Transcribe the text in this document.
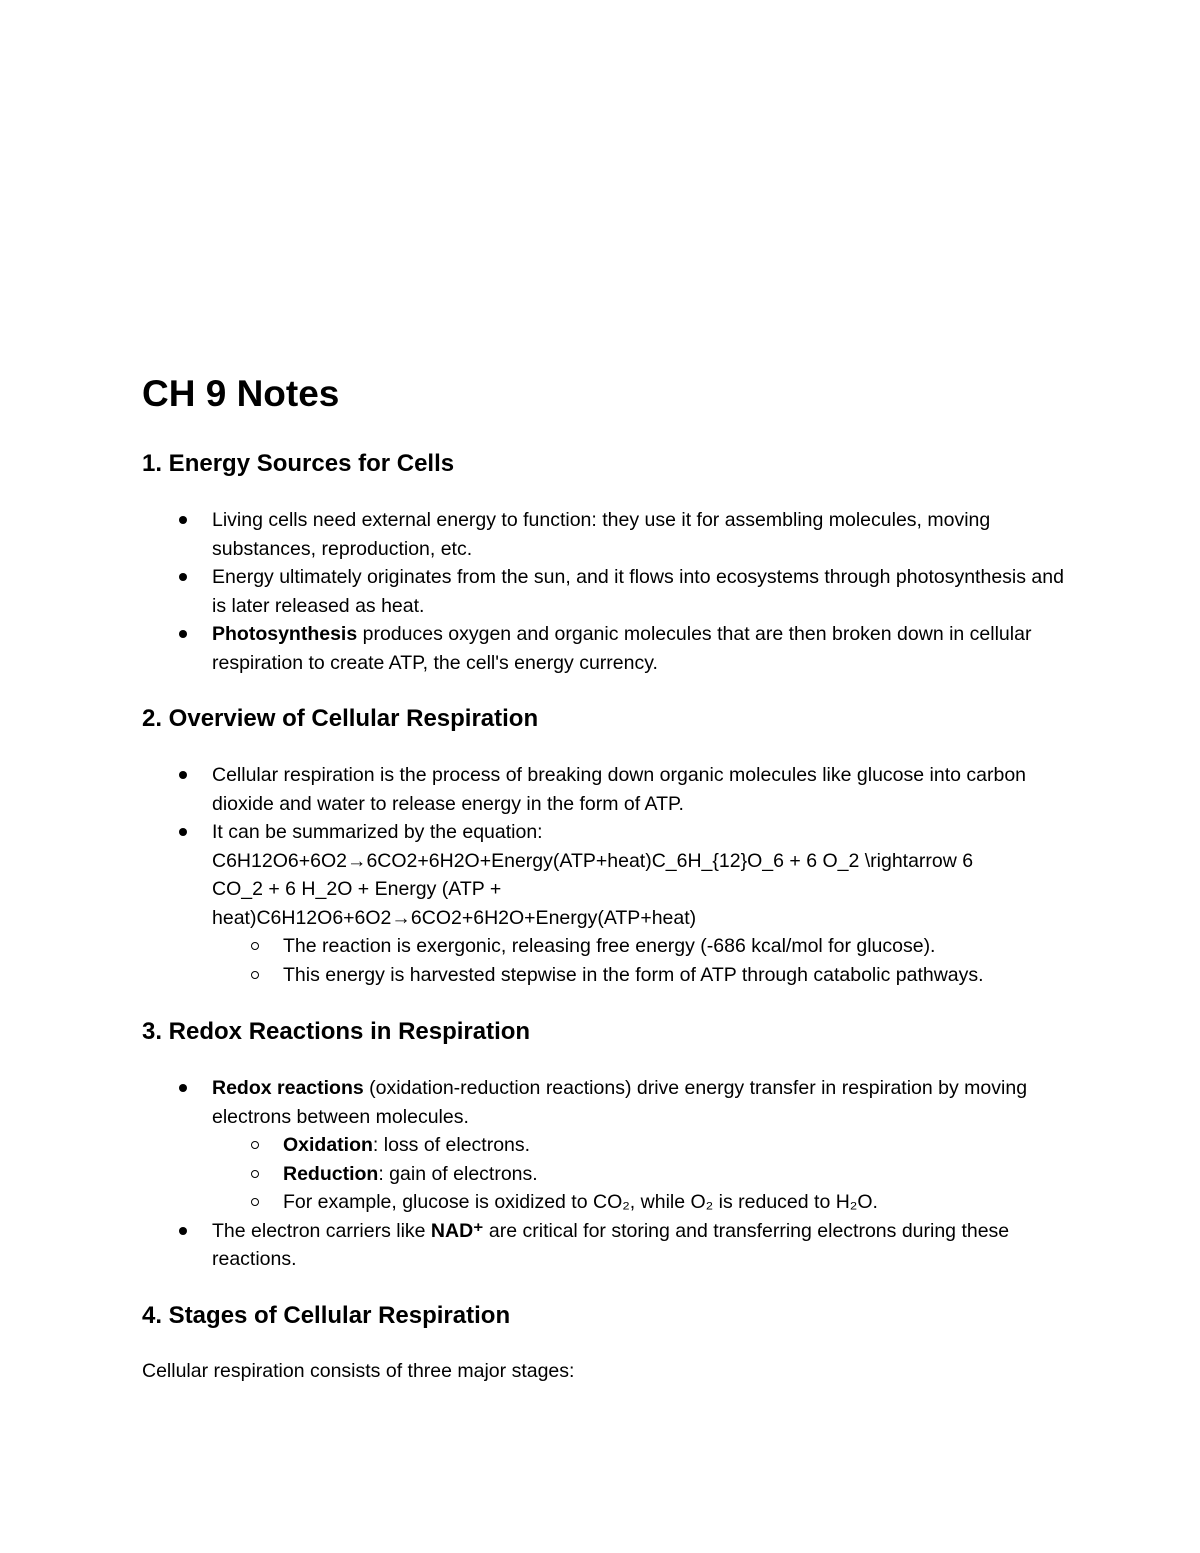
CH 9 Notes
1. Energy Sources for Cells
Living cells need external energy to function: they use it for assembling molecules, moving substances, reproduction, etc.
Energy ultimately originates from the sun, and it flows into ecosystems through photosynthesis and is later released as heat.
Photosynthesis produces oxygen and organic molecules that are then broken down in cellular respiration to create ATP, the cell's energy currency.
2. Overview of Cellular Respiration
Cellular respiration is the process of breaking down organic molecules like glucose into carbon dioxide and water to release energy in the form of ATP.
It can be summarized by the equation:
C6H12O6+6O2→6CO2+6H2O+Energy(ATP+heat)C_6H_{12}O_6 + 6 O_2 \rightarrow 6
CO_2 + 6 H_2O + Energy (ATP +
heat)C6H12O6+6O2→6CO2+6H2O+Energy(ATP+heat)
The reaction is exergonic, releasing free energy (-686 kcal/mol for glucose).
This energy is harvested stepwise in the form of ATP through catabolic pathways.
3. Redox Reactions in Respiration
Redox reactions (oxidation-reduction reactions) drive energy transfer in respiration by moving electrons between molecules.
Oxidation: loss of electrons.
Reduction: gain of electrons.
For example, glucose is oxidized to CO₂, while O₂ is reduced to H₂O.
The electron carriers like NAD⁺ are critical for storing and transferring electrons during these reactions.
4. Stages of Cellular Respiration
Cellular respiration consists of three major stages:
